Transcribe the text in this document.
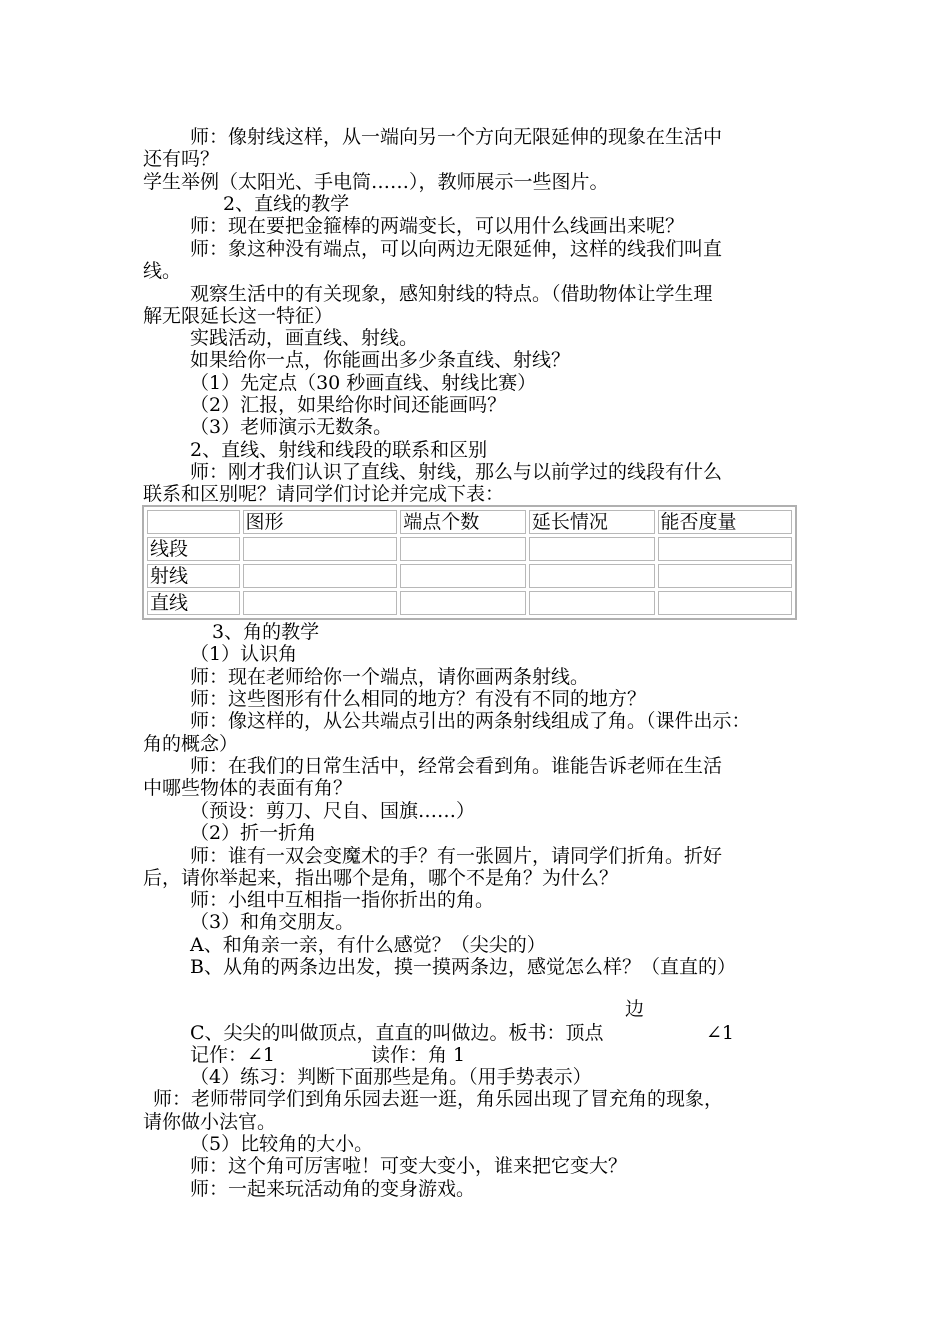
师：像射线这样，从一端向另一个方向无限延伸的现象在生活中
还有吗？
学生举例（太阳光、手电筒……），教师展示一些图片。
2、直线的教学
师：现在要把金箍棒的两端变长，可以用什么线画出来呢？
师：象这种没有端点，可以向两边无限延伸，这样的线我们叫直
线。
观察生活中的有关现象，感知射线的特点。（借助物体让学生理
解无限延长这一特征）
实践活动，画直线、射线。
如果给你一点，你能画出多少条直线、射线？
（1）先定点（30 秒画直线、射线比赛）
（2）汇报，如果给你时间还能画吗？
（3）老师演示无数条。
2、直线、射线和线段的联系和区别
师：刚才我们认识了直线、射线，那么与以前学过的线段有什么
联系和区别呢？请同学们讨论并完成下表：
	图形	端点个数	延长情况	能否度量
线段				
射线				
直线				
3、角的教学
（1）认识角
师：现在老师给你一个端点，请你画两条射线。
师：这些图形有什么相同的地方？有没有不同的地方？
师：像这样的，从公共端点引出的两条射线组成了角。（课件出示：
角的概念）
师：在我们的日常生活中，经常会看到角。谁能告诉老师在生活
中哪些物体的表面有角？
（预设：剪刀、尺自、国旗……）
（2）折一折角
师：谁有一双会变魔术的手？有一张圆片，请同学们折角。折好
后，请你举起来，指出哪个是角，哪个不是角？为什么？
师：小组中互相指一指你折出的角。
（3）和角交朋友。
A、和角亲一亲，有什么感觉？（尖尖的）
B、从角的两条边出发，摸一摸两条边，感觉怎么样？（直直的）
边
C、尖尖的叫做顶点，直直的叫做边。板书：顶点	∠1
记作：∠1	读作：角 1
（4）练习：判断下面那些是角。（用手势表示）
师：老师带同学们到角乐园去逛一逛，角乐园出现了冒充角的现象，
请你做小法官。
（5）比较角的大小。
师：这个角可厉害啦！可变大变小，谁来把它变大？
师：一起来玩活动角的变身游戏。
